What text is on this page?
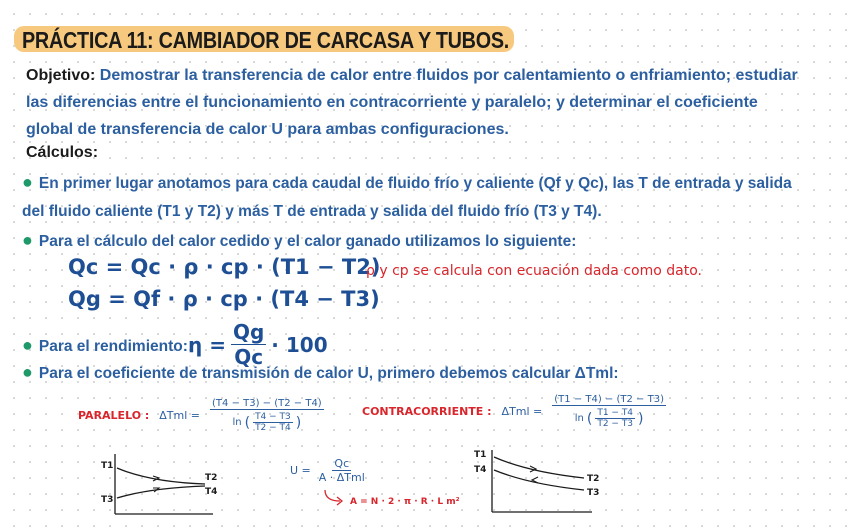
PRÁCTICA 11: CAMBIADOR DE CARCASA Y TUBOS.
Objetivo: Demostrar la transferencia de calor entre fluidos por calentamiento o enfriamiento; estudiar las diferencias entre el funcionamiento en contracorriente y paralelo; y determinar el coeficiente global de transferencia de calor U para ambas configuraciones.
Cálculos:
● En primer lugar anotamos para cada caudal de fluido frío y caliente (Qf y Qc), las T de entrada y salida del fluido caliente (T1 y T2) y más T de entrada y salida del fluido frío (T3 y T4).
● Para el cálculo del calor cedido y el calor ganado utilizamos lo siguiente:
Qc = Qc · ρ · cp · (T1 − T2)
Qg = Qf · ρ · cp · (T4 − T3)
ρ y cp se calcula con ecuación dada como dato.
● Para el rendimiento: $\eta = \frac{Qg}{Qc} \cdot 100$
● Para el coeficiente de transmisión de calor U, primero debemos calcular ΔTml:
PARALELO : ΔTml =
(T4 − T3) − (T2 − T4)
ln ( $\frac{T4 - T3}{T2 - T4}$ )
CONTRACORRIENTE : ΔTml =
(T1 − T4) − (T2 − T3)
ln ( $\frac{T1 - T4}{T2 - T3}$ )
T1
T3
T2
T4
$U = \frac{Qc}{\text{A · ΔTml}}$
A = N · 2 · π · R · L m²
T1
T4
T2
T3
